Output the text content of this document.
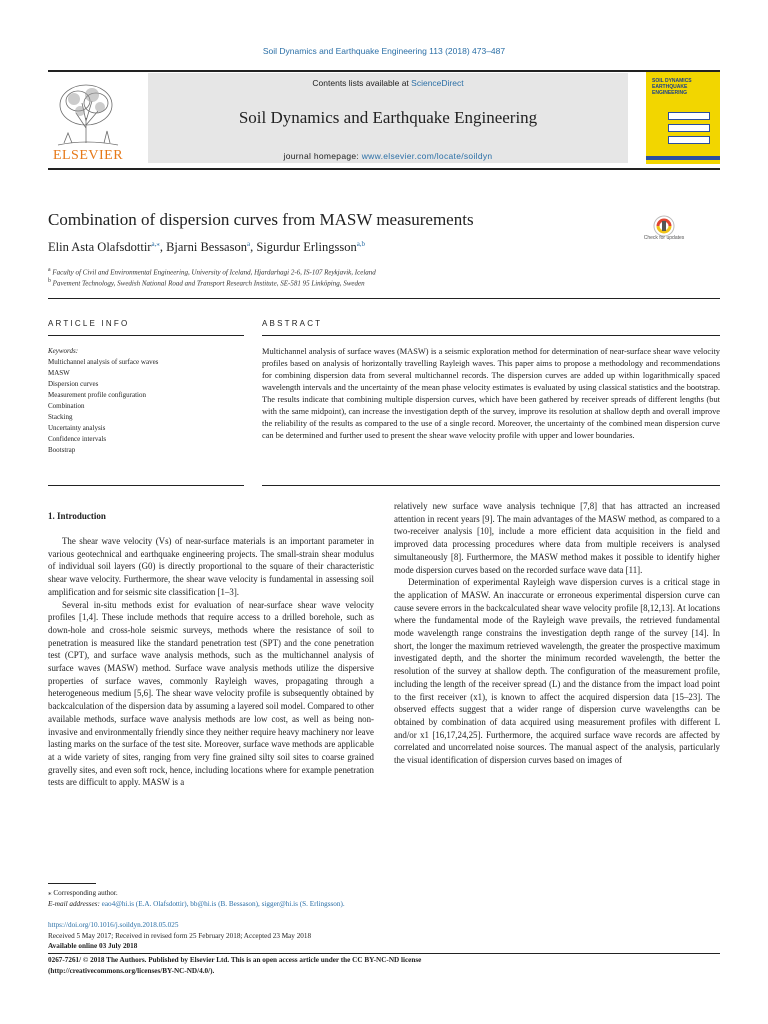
Soil Dynamics and Earthquake Engineering 113 (2018) 473–487
ELSEVIER
Contents lists available at ScienceDirect
Soil Dynamics and Earthquake Engineering
journal homepage: www.elsevier.com/locate/soildyn
SOIL DYNAMICS EARTHQUAKE ENGINEERING
Combination of dispersion curves from MASW measurements
Check for updates
Elin Asta Olafsdottir$^{a,⁎}$, Bjarni Bessason$^a$, Sigurdur Erlingsson$^{a,b}$
$^a$ Faculty of Civil and Environmental Engineering, University of Iceland, Hjardarhagi 2-6, IS-107 Reykjavik, Iceland
$^b$ Pavement Technology, Swedish National Road and Transport Research Institute, SE-581 95 Linköping, Sweden
ARTICLE INFO	ABSTRACT
Keywords:
Multichannel analysis of surface waves
MASW
Dispersion curves
Measurement profile configuration
Combination
Stacking
Uncertainty analysis
Confidence intervals
Bootstrap
Multichannel analysis of surface waves (MASW) is a seismic exploration method for determination of near-surface shear wave velocity profiles based on analysis of horizontally travelling Rayleigh waves. This paper aims to propose a methodology and recommendations for combining dispersion data from several multichannel records. The dispersion curves are added up within logarithmically spaced wavelength intervals and the uncertainty of the mean phase velocity estimates is evaluated by using classical statistics and the bootstrap. The results indicate that combining multiple dispersion curves, which have been gathered by receiver spreads of different lengths (but with the same midpoint), can increase the investigation depth of the survey, improve its resolution at shallow depth and overall improve the reliability of the results as compared to the use of a single record. Moreover, the uncertainty of the combined mean dispersion curve can be determined and further used to present the shear wave velocity profile with upper and lower boundaries.
1. Introduction

The shear wave velocity (Vs) of near-surface materials is an important parameter in various geotechnical and earthquake engineering projects. The small-strain shear modulus of individual soil layers (G0) is directly proportional to the square of their characteristic shear wave velocity. Furthermore, the shear wave velocity is fundamental in assessing soil amplification and for seismic site classification [1–3].

Several in-situ methods exist for evaluation of near-surface shear wave velocity profiles [1,4]. These include methods that require access to a drilled borehole, such as down-hole and cross-hole seismic surveys, methods where the resistance of soil to penetration is measured like the standard penetration test (SPT) and the cone penetration test (CPT), and surface wave analysis methods, such as the multichannel analysis of surface waves (MASW) method. Surface wave analysis methods utilize the dispersive properties of surface waves, commonly Rayleigh waves, propagating through a heterogeneous medium [5,6]. The shear wave velocity profile is subsequently obtained by backcalculation of the dispersion data by assuming a layered soil model. Compared to other available methods, surface wave analysis methods are low cost, as well as being non-invasive and environmentally friendly since they neither require heavy machinery nor leave lasting marks on the surface of the test site. Moreover, surface wave methods are applicable at a wide variety of sites, ranging from very fine grained silty soil sites to coarse grained gravelly sites, and even soft rock, hence, including locations where for example penetration tests are difficult to apply. MASW is a

relatively new surface wave analysis technique [7,8] that has attracted an increased attention in recent years [9]. The main advantages of the MASW method, as compared to a two-receiver analysis [10], include a more efficient data acquisition in the field and improved data processing procedures where data from multiple receivers is analysed simultaneously [8]. Furthermore, the MASW method makes it possible to identify higher mode dispersion curves based on the recorded surface wave data [11].

Determination of experimental Rayleigh wave dispersion curves is a critical stage in the application of MASW. An inaccurate or erroneous experimental dispersion curve can cause severe errors in the backcalculated shear wave velocity profile [8,12,13]. At locations where the fundamental mode of the Rayleigh wave prevails, the retrieved fundamental mode wavelength range constrains the investigation depth range of the survey [14]. In short, the longer the maximum retrieved wavelength, the greater the prospective maximum investigated depth, and the shorter the minimum recorded wavelength, the better the resolution of the survey at shallow depth. The configuration of the measurement profile, including the length of the receiver spread (L) and the distance from the impact load point to the first receiver (x1), is known to affect the acquired dispersion data [15–23]. The observed effects suggest that a wider range of dispersion curve wavelengths can be obtained by combination of data acquired using measurement profiles with different L and/or x1 [16,17,24,25]. Furthermore, the acquired surface wave records are affected by correlated and uncorrelated noise sources. The manual aspect of the analysis, particularly the visual identification of dispersion curves based on images of

⁎ Corresponding author.
E-mail addresses: eao4@hi.is (E.A. Olafsdottir), bb@hi.is (B. Bessason), sigger@hi.is (S. Erlingsson).
https://doi.org/10.1016/j.soildyn.2018.05.025
Received 5 May 2017; Received in revised form 25 February 2018; Accepted 23 May 2018
Available online 03 July 2018
0267-7261/ © 2018 The Authors. Published by Elsevier Ltd. This is an open access article under the CC BY-NC-ND license
(http://creativecommons.org/licenses/BY-NC-ND/4.0/).
